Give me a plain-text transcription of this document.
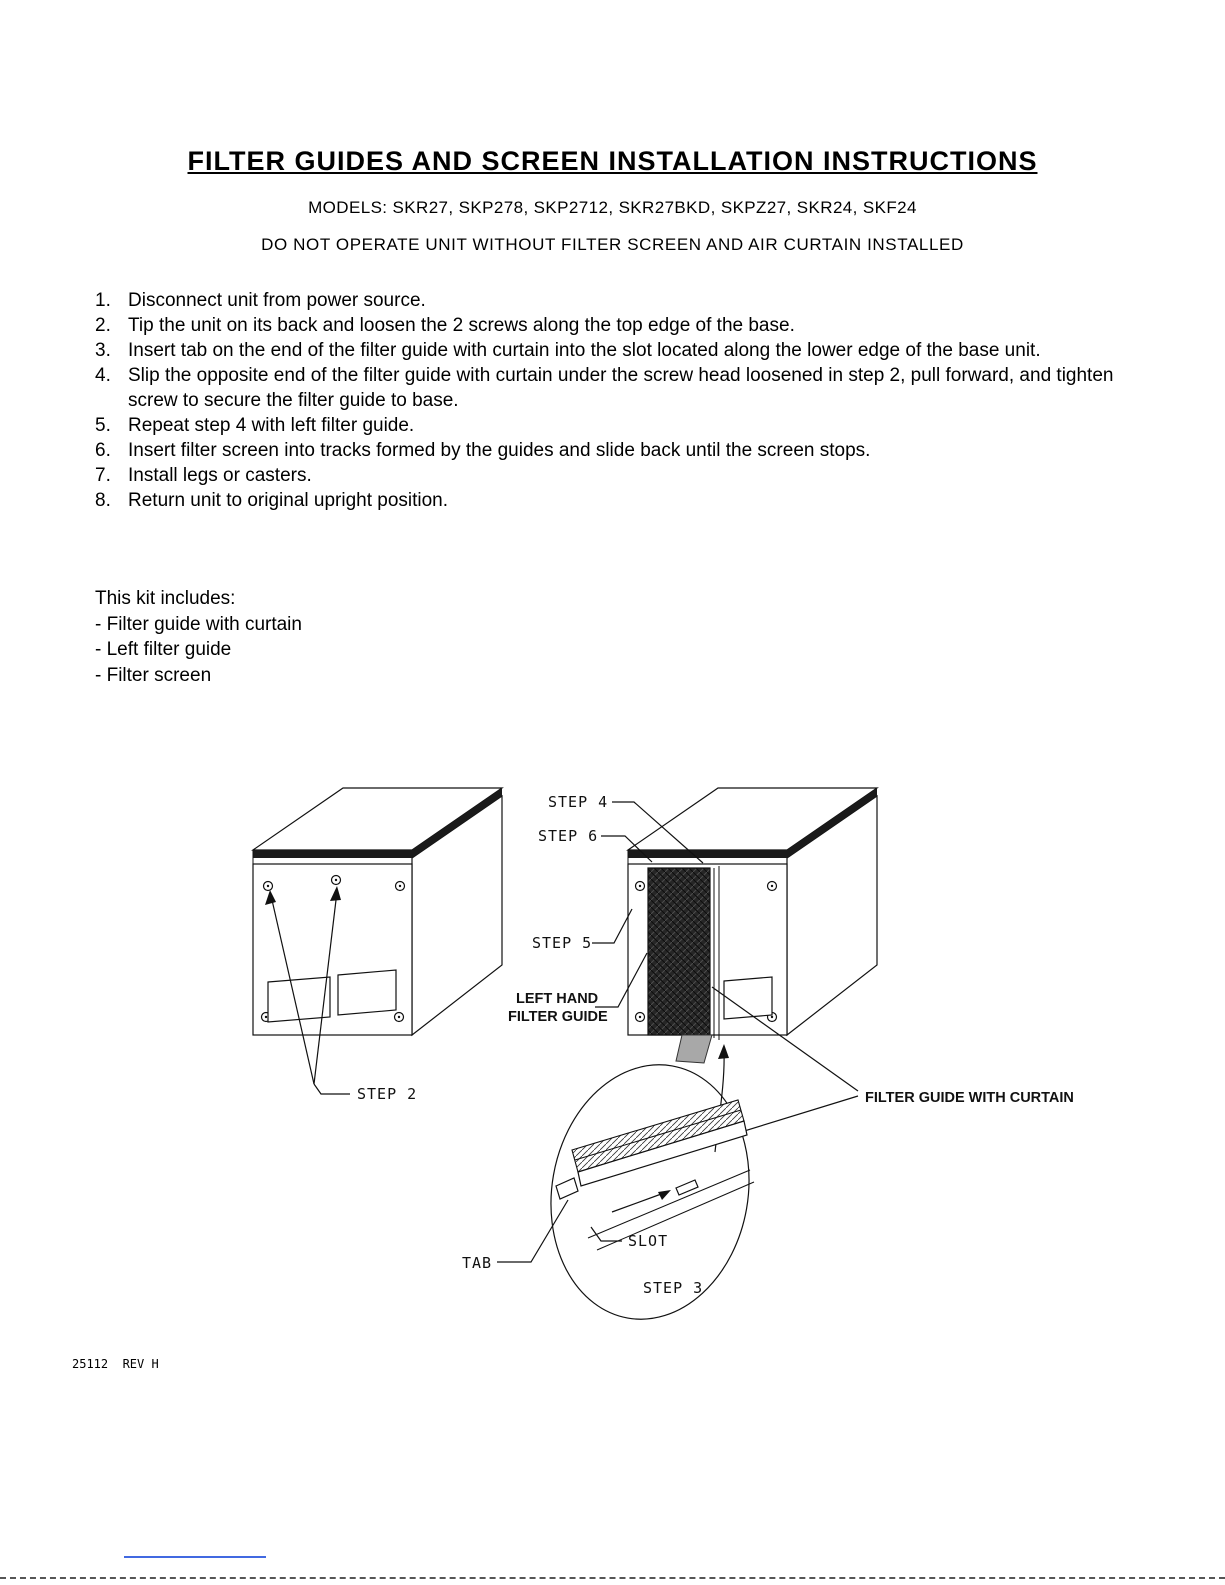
FILTER GUIDES AND SCREEN INSTALLATION INSTRUCTIONS
MODELS: SKR27, SKP278, SKP2712, SKR27BKD, SKPZ27, SKR24, SKF24
DO NOT OPERATE UNIT WITHOUT FILTER SCREEN AND AIR CURTAIN INSTALLED
1. Disconnect unit from power source.
2. Tip the unit on its back and loosen the 2 screws along the top edge of the base.
3. Insert tab on the end of the filter guide with curtain into the slot located along the lower edge of the base unit.
4. Slip the opposite end of the filter guide with curtain under the screw head loosened in step 2, pull forward, and tighten screw to secure the filter guide to base.
5. Repeat step 4 with left filter guide.
6. Insert filter screen into tracks formed by the guides and slide back until the screen stops.
7. Install legs or casters.
8. Return unit to original upright position.
This kit includes:
- Filter guide with curtain
- Left filter guide
- Filter screen
STEP 2
STEP 4
STEP 6
STEP 5
LEFT HAND
FILTER GUIDE
FILTER GUIDE WITH CURTAIN
TAB
SLOT
STEP 3
25112  REV H
